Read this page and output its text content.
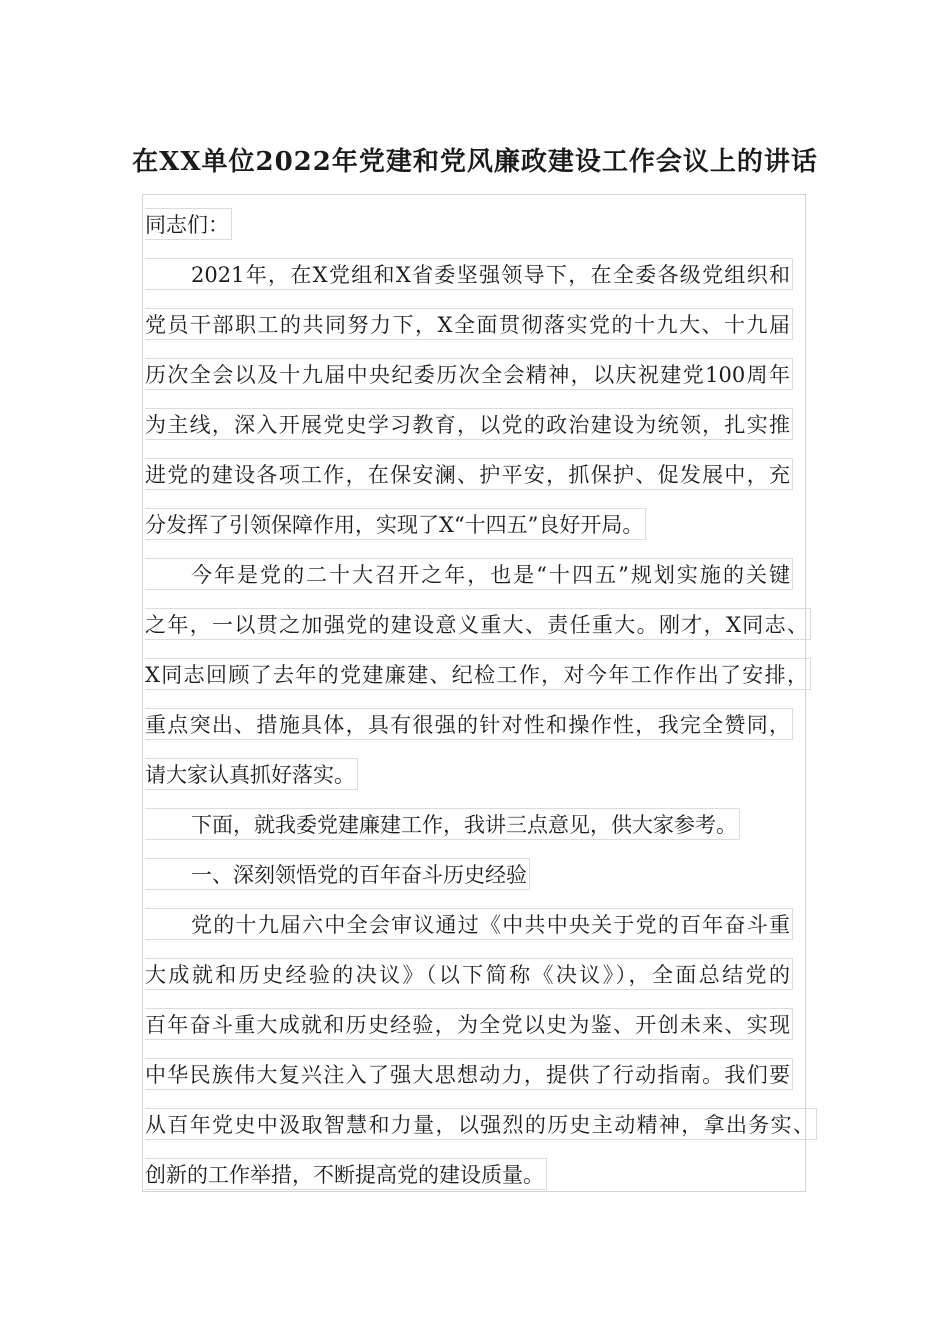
在XX单位2022年党建和党风廉政建设工作会议上的讲话
同志们：
2021年，在X党组和X省委坚强领导下，在全委各级党组织和
党员干部职工的共同努力下，X全面贯彻落实党的十九大、十九届
历次全会以及十九届中央纪委历次全会精神，以庆祝建党100周年
为主线，深入开展党史学习教育，以党的政治建设为统领，扎实推
进党的建设各项工作，在保安澜、护平安，抓保护、促发展中，充
分发挥了引领保障作用，实现了X“十四五”良好开局。
今年是党的二十大召开之年，也是“十四五”规划实施的关键
之年，一以贯之加强党的建设意义重大、责任重大。刚才，X同志、
X同志回顾了去年的党建廉建、纪检工作，对今年工作作出了安排，
重点突出、措施具体，具有很强的针对性和操作性，我完全赞同，
请大家认真抓好落实。
下面，就我委党建廉建工作，我讲三点意见，供大家参考。
一、深刻领悟党的百年奋斗历史经验
党的十九届六中全会审议通过《中共中央关于党的百年奋斗重
大成就和历史经验的决议》（以下简称《决议》），全面总结党的
百年奋斗重大成就和历史经验，为全党以史为鉴、开创未来、实现
中华民族伟大复兴注入了强大思想动力，提供了行动指南。我们要
从百年党史中汲取智慧和力量，以强烈的历史主动精神，拿出务实、
创新的工作举措，不断提高党的建设质量。
